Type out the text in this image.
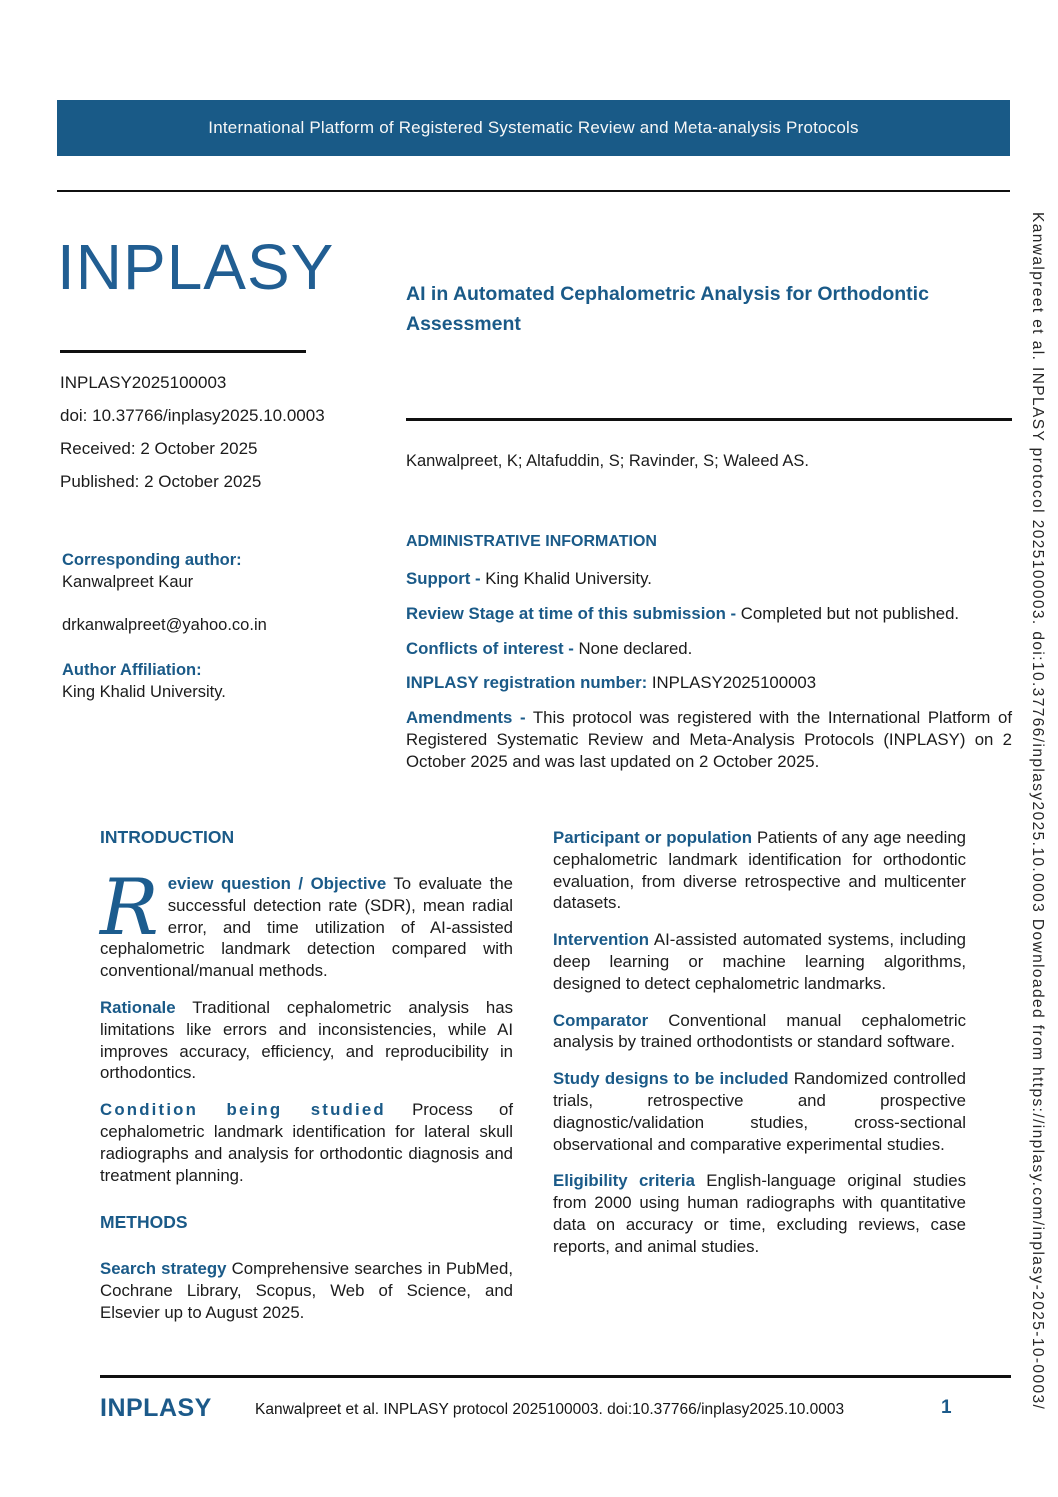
International Platform of Registered Systematic Review and Meta-analysis Protocols
INPLASY
INPLASY2025100003
doi: 10.37766/inplasy2025.10.0003
Received: 2 October 2025
Published: 2 October 2025
Corresponding author:
Kanwalpreet Kaur
drkanwalpreet@yahoo.co.in
Author Affiliation:
King Khalid University.
AI in Automated Cephalometric Analysis for Orthodontic Assessment
Kanwalpreet, K; Altafuddin, S; Ravinder, S; Waleed AS.
ADMINISTRATIVE INFORMATION

Support - King Khalid University.

Review Stage at time of this submission - Completed but not published.

Conflicts of interest - None declared.

INPLASY registration number: INPLASY2025100003

Amendments - This protocol was registered with the International Platform of Registered Systematic Review and Meta-Analysis Protocols (INPLASY) on 2 October 2025 and was last updated on 2 October 2025.

INTRODUCTION

Review question / Objective To evaluate the successful detection rate (SDR), mean radial error, and time utilization of AI-assisted cephalometric landmark detection compared with conventional/manual methods.

Rationale Traditional cephalometric analysis has limitations like errors and inconsistencies, while AI improves accuracy, efficiency, and reproducibility in orthodontics.

Condition being studied Process of cephalometric landmark identification for lateral skull radiographs and analysis for orthodontic diagnosis and treatment planning.

METHODS

Search strategy Comprehensive searches in PubMed, Cochrane Library, Scopus, Web of Science, and Elsevier up to August 2025.

Participant or population Patients of any age needing cephalometric landmark identification for orthodontic evaluation, from diverse retrospective and multicenter datasets.

Intervention AI-assisted automated systems, including deep learning or machine learning algorithms, designed to detect cephalometric landmarks.

Comparator Conventional manual cephalometric analysis by trained orthodontists or standard software.

Study designs to be included Randomized controlled trials, retrospective and prospective diagnostic/validation studies, cross-sectional observational and comparative experimental studies.

Eligibility criteria English-language original studies from 2000 using human radiographs with quantitative data on accuracy or time, excluding reviews, case reports, and animal studies.

INPLASY	Kanwalpreet et al. INPLASY protocol 2025100003. doi:10.37766/inplasy2025.10.0003	1	Kanwalpreet et al. INPLASY protocol 2025100003. doi:10.37766/inplasy2025.10.0003 Downloaded from https://inplasy.com/inplasy-2025-10-0003/
